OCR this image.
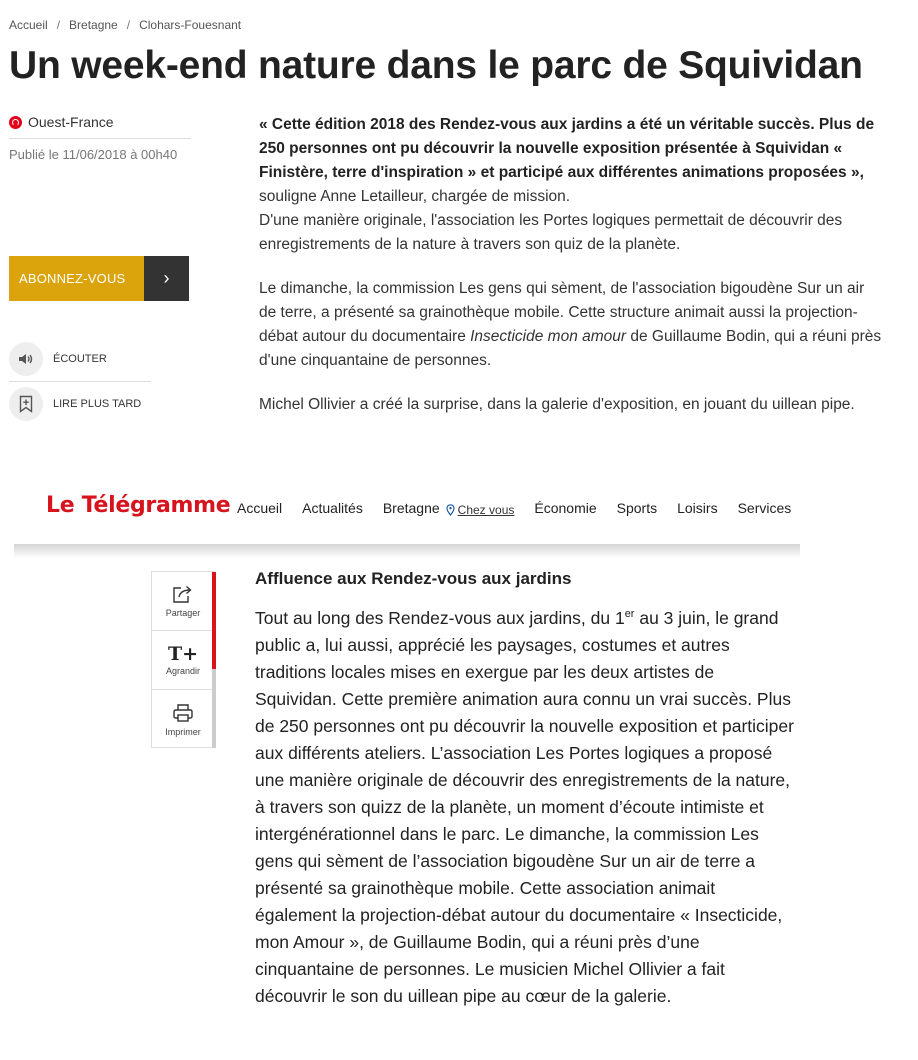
Accueil / Bretagne / Clohars-Fouesnant
Un week-end nature dans le parc de Squividan
Ouest-France
Publié le 11/06/2018 à 00h40
ABONNEZ-VOUS	›
ÉCOUTER
LIRE PLUS TARD

« Cette édition 2018 des Rendez-vous aux jardins a été un véritable succès. Plus de 250 personnes ont pu découvrir la nouvelle exposition présentée à Squividan « Finistère, terre d'inspiration » et participé aux différentes animations proposées », souligne Anne Letailleur, chargée de mission.
D'une manière originale, l'association les Portes logiques permettait de découvrir des enregistrements de la nature à travers son quiz de la planète.

Le dimanche, la commission Les gens qui sèment, de l'association bigoudène Sur un air de terre, a présenté sa grainothèque mobile. Cette structure animait aussi la projection-débat autour du documentaire Insecticide mon amour de Guillaume Bodin, qui a réuni près d'une cinquantaine de personnes.

Michel Ollivier a créé la surprise, dans la galerie d'exposition, en jouant du uillean pipe.

Le Télégramme Accueil Actualités Bretagne Chez vous Économie Sports Loisirs Services
Partager
T+
Agrandir
Imprimer
Affluence aux Rendez-vous aux jardins

Tout au long des Rendez-vous aux jardins, du 1er au 3 juin, le grand public a, lui aussi, apprécié les paysages, costumes et autres traditions locales mises en exergue par les deux artistes de Squividan. Cette première animation aura connu un vrai succès. Plus de 250 personnes ont pu découvrir la nouvelle exposition et participer aux différents ateliers. L’association Les Portes logiques a proposé une manière originale de découvrir des enregistrements de la nature, à travers son quizz de la planète, un moment d’écoute intimiste et intergénérationnel dans le parc. Le dimanche, la commission Les gens qui sèment de l’association bigoudène Sur un air de terre a présenté sa grainothèque mobile. Cette association animait également la projection-débat autour du documentaire « Insecticide, mon Amour », de Guillaume Bodin, qui a réuni près d’une cinquantaine de personnes. Le musicien Michel Ollivier a fait découvrir le son du uillean pipe au cœur de la galerie.
